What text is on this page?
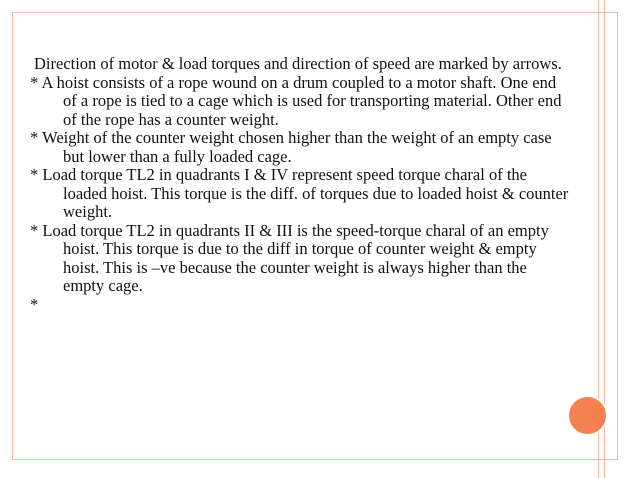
Direction of motor & load torques and direction of speed are marked by arrows.

* A hoist consists of a rope wound on a drum coupled to a motor shaft. One end of a rope is tied to a cage which is used for transporting material. Other end of the rope has a counter weight.

* Weight of the counter weight chosen higher than the weight of an empty case but lower than a fully loaded cage.

* Load torque TL2 in quadrants I & IV represent speed torque charal of the loaded hoist. This torque is the diff. of torques due to loaded hoist & counter weight.

* Load torque TL2 in quadrants II & III is the speed-torque charal of an empty hoist. This torque is due to the diff in torque of counter weight & empty hoist. This is –ve because the counter weight is always higher than the empty cage.

*
